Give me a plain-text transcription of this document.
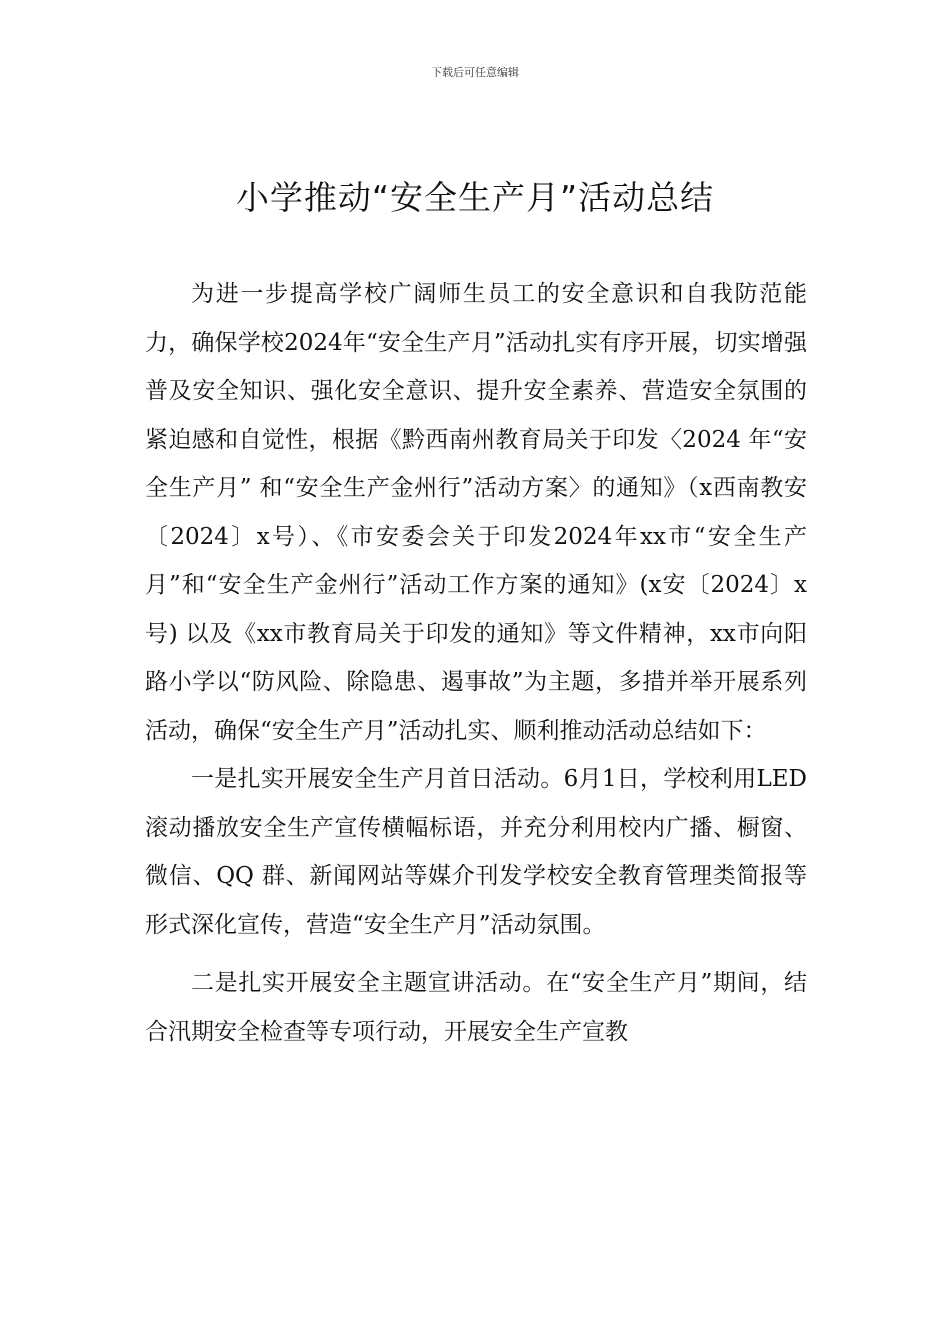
下载后可任意编辑
小学推动“安全生产月”活动总结

为进一步提高学校广阔师生员工的安全意识和自我防范能力，确保学校2024年“安全生产月”活动扎实有序开展，切实增强普及安全知识、强化安全意识、提升安全素养、营造安全氛围的紧迫感和自觉性，根据《黔西南州教育局关于印发〈2024 年“安全生产月” 和“安全生产金州行”活动方案〉的通知》（x西南教安〔2024〕x号）、《市安委会关于印发2024年xx市“安全生产月”和“安全生产金州行”活动工作方案的通知》(x安〔2024〕x号) 以及《xx市教育局关于印发的通知》等文件精神，xx市向阳路小学以“防风险、除隐患、遏事故”为主题，多措并举开展系列活动，确保“安全生产月”活动扎实、顺利推动活动总结如下：

一是扎实开展安全生产月首日活动。6月1日，学校利用LED滚动播放安全生产宣传横幅标语，并充分利用校内广播、橱窗、微信、QQ 群、新闻网站等媒介刊发学校安全教育管理类简报等形式深化宣传，营造“安全生产月”活动氛围。

二是扎实开展安全主题宣讲活动。在“安全生产月”期间，结合汛期安全检查等专项行动，开展安全生产宣教
